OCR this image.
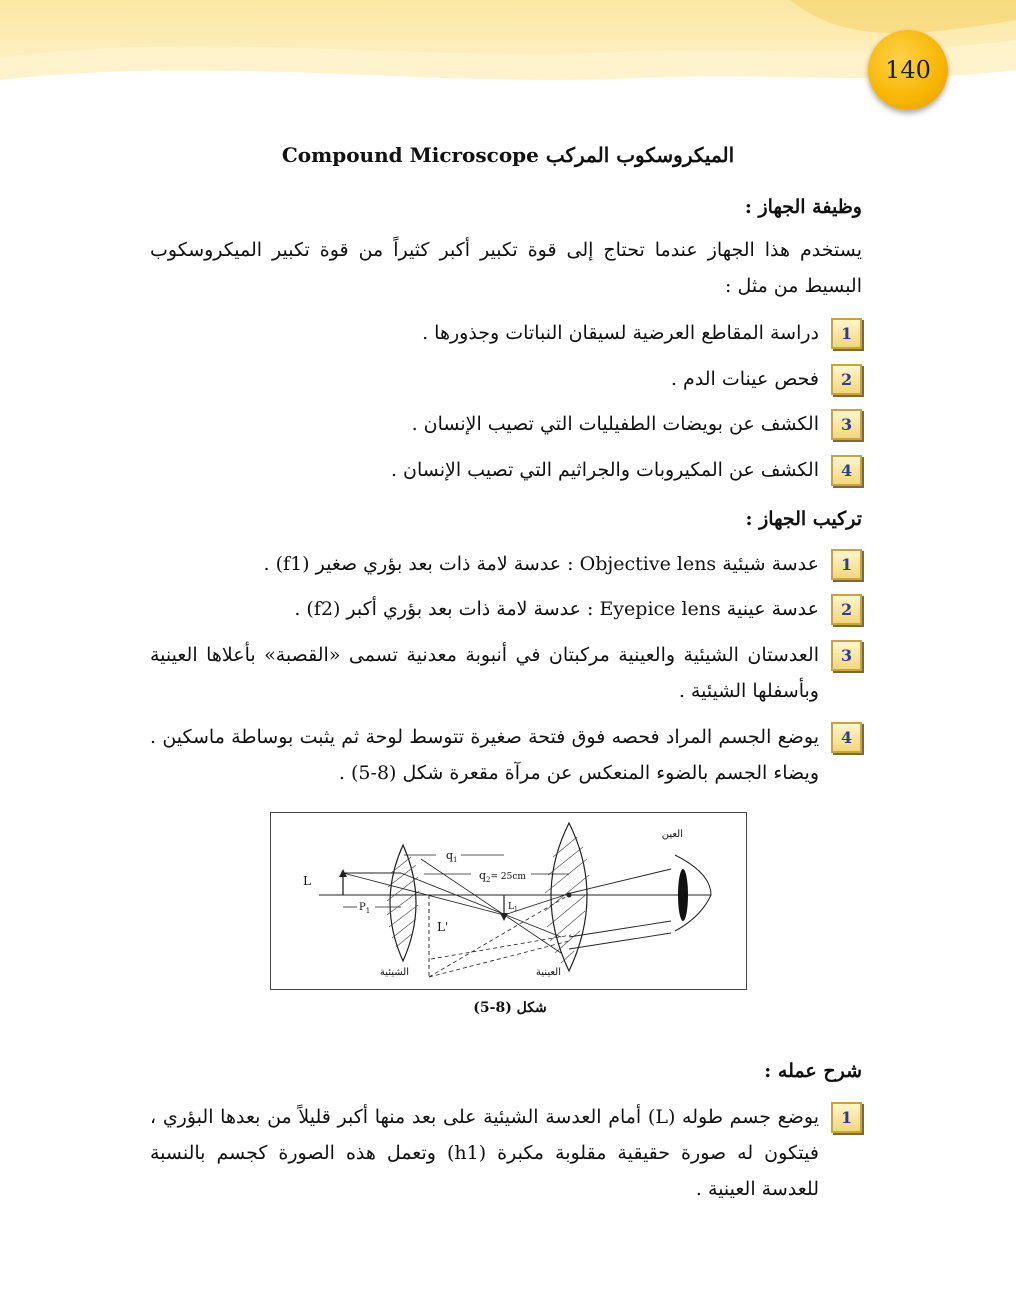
140
الميكروسكوب المركب Compound Microscope
وظيفة الجهاز :
يستخدم هذا الجهاز عندما تحتاج إلى قوة تكبير أكبر كثيراً من قوة تكبير الميكروسكوب البسيط من مثل :
1
دراسة المقاطع العرضية لسيقان النباتات وجذورها .
2
فحص عينات الدم .
3
الكشف عن بويضات الطفيليات التي تصيب الإنسان .
4
الكشف عن المكيروبات والجراثيم التي تصيب الإنسان .
تركيب الجهاز :
1
عدسة شيئية Objective lens : عدسة لامة ذات بعد بؤري صغير (f1) .
2
عدسة عينية Eyepice lens : عدسة لامة ذات بعد بؤري أكبر (f2) .
3
العدستان الشيئية والعينية مركبتان في أنبوبة معدنية تسمى «القصبة» بأعلاها العينية وبأسفلها الشيئية .
4
يوضع الجسم المراد فحصه فوق فتحة صغيرة تتوسط لوحة ثم يثبت بوساطة ماسكين . ويضاء الجسم بالضوء المنعكس عن مرآة مقعرة شكل (8-5) .
L
$q_1$
$q_2^{= 25cm}$
$P_1$
L'
$L_1$
العين
الشيئية	العينية
شكل (8-5)
شرح عمله :
1
يوضع جسم طوله (L) أمام العدسة الشيئية على بعد منها أكبر قليلاً من بعدها البؤري ، فيتكون له صورة حقيقية مقلوبة مكبرة (h1) وتعمل هذه الصورة كجسم بالنسبة للعدسة العينية .
